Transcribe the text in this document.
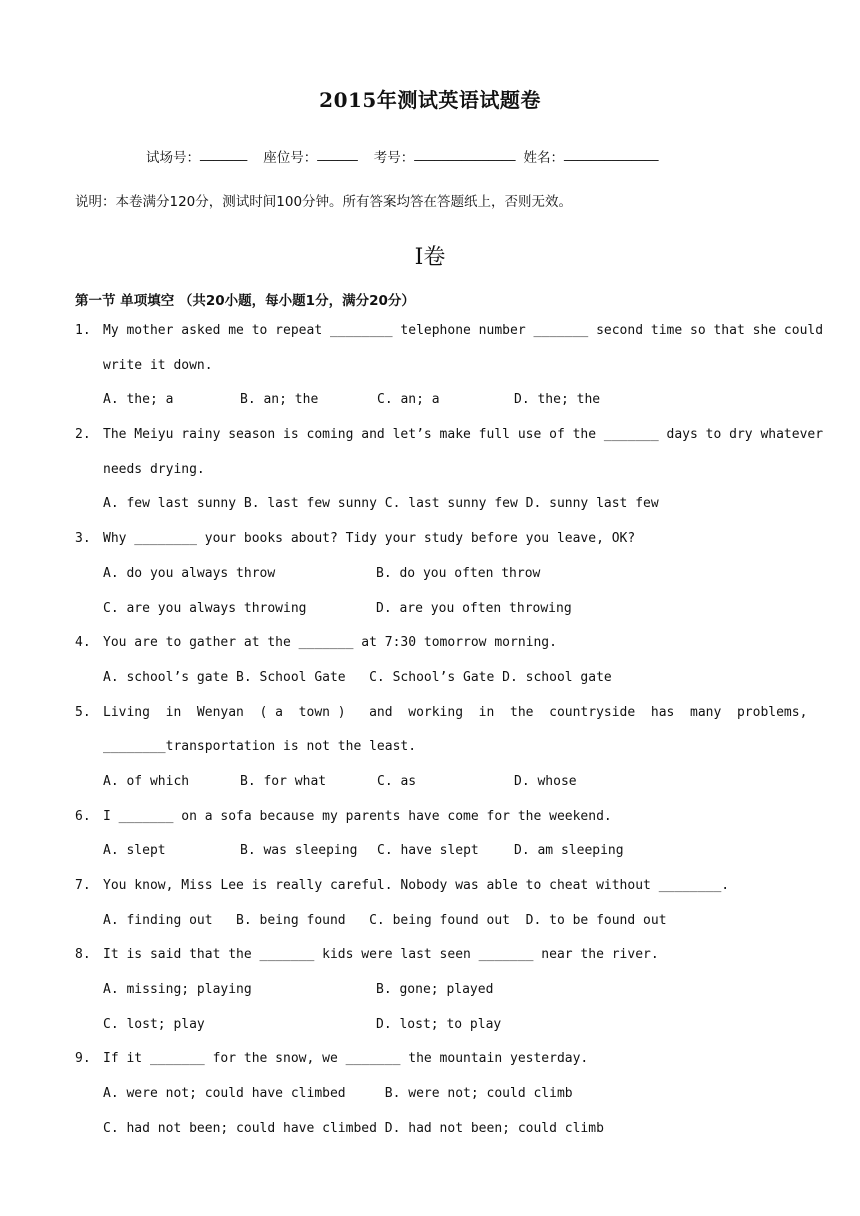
2015年测试英语试题卷
试场号： _______ 座位号： ______ 考号： _______________ 姓名： ______________
说明：本卷满分120分，测试时间100分钟。所有答案均答在答题纸上，否则无效。
I卷
第一节 单项填空 （共20小题，每小题1分，满分20分）
1. My mother asked me to repeat ________ telephone number _______ second time so that she could
write it down.
A. the; a	B. an; the	C. an; a	D. the; the
2. The Meiyu rainy season is coming and let’s make full use of the _______ days to dry whatever
needs drying.
A. few last sunny B. last few sunny C. last sunny few D. sunny last few
3. Why ________ your books about? Tidy your study before you leave, OK?
A. do you always throw	B. do you often throw
C. are you always throwing	D. are you often throwing
4. You are to gather at the _______ at 7:30 tomorrow morning.
A. school’s gate B. School Gate   C. School’s Gate D. school gate
5. Living  in  Wenyan  ( a  town )   and  working  in  the  countryside  has  many  problems,
________transportation is not the least.
A. of which	B. for what	C. as	D. whose
6. I _______ on a sofa because my parents have come for the weekend.
A. slept	B. was sleeping C. have slept	D. am sleeping
7. You know, Miss Lee is really careful. Nobody was able to cheat without ________.
A. finding out   B. being found   C. being found out  D. to be found out
8. It is said that the _______ kids were last seen _______ near the river.
A. missing; playing	B. gone; played
C. lost; play	D. lost; to play
9. If it _______ for the snow, we _______ the mountain yesterday.
A. were not; could have climbed     B. were not; could climb
C. had not been; could have climbed D. had not been; could climb
